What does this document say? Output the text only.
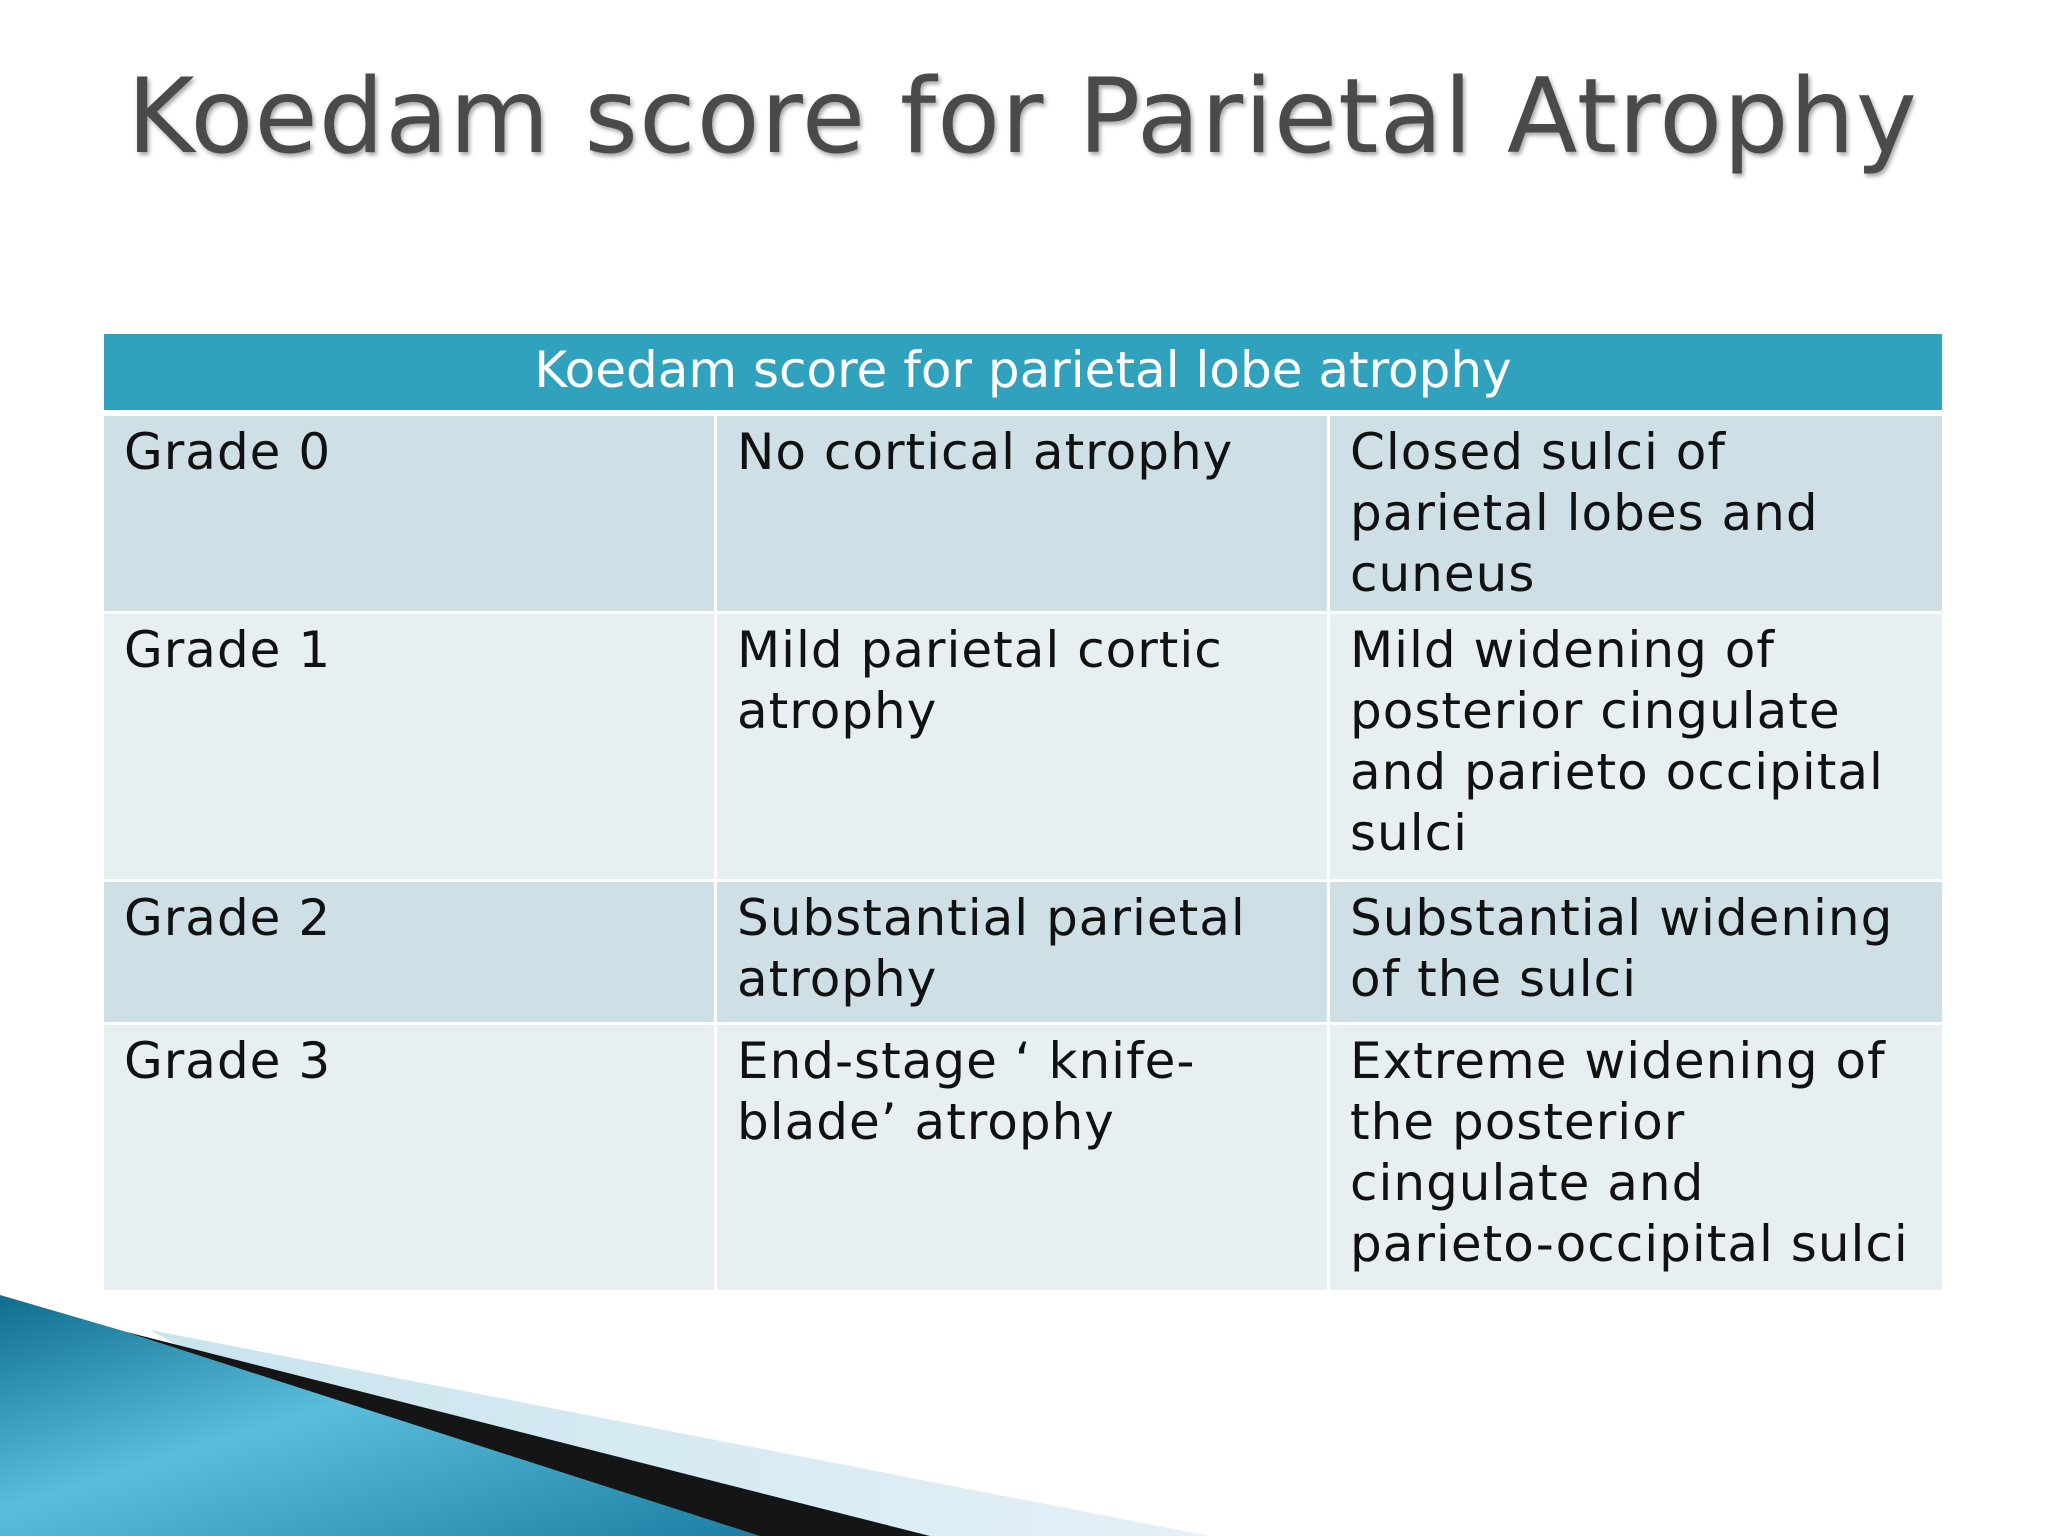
Koedam score for Parietal Atrophy
Koedam score for parietal lobe atrophy		
Grade 0	No cortical atrophy	Closed sulci of parietal lobes and cuneus
Grade 1	Mild parietal cortic atrophy	Mild widening of posterior cingulate and parieto occipital sulci
Grade 2	Substantial parietal atrophy	Substantial widening of the sulci
Grade 3	End-stage ‘ knife-blade’ atrophy	Extreme widening of the posterior cingulate and parieto-occipital sulci
